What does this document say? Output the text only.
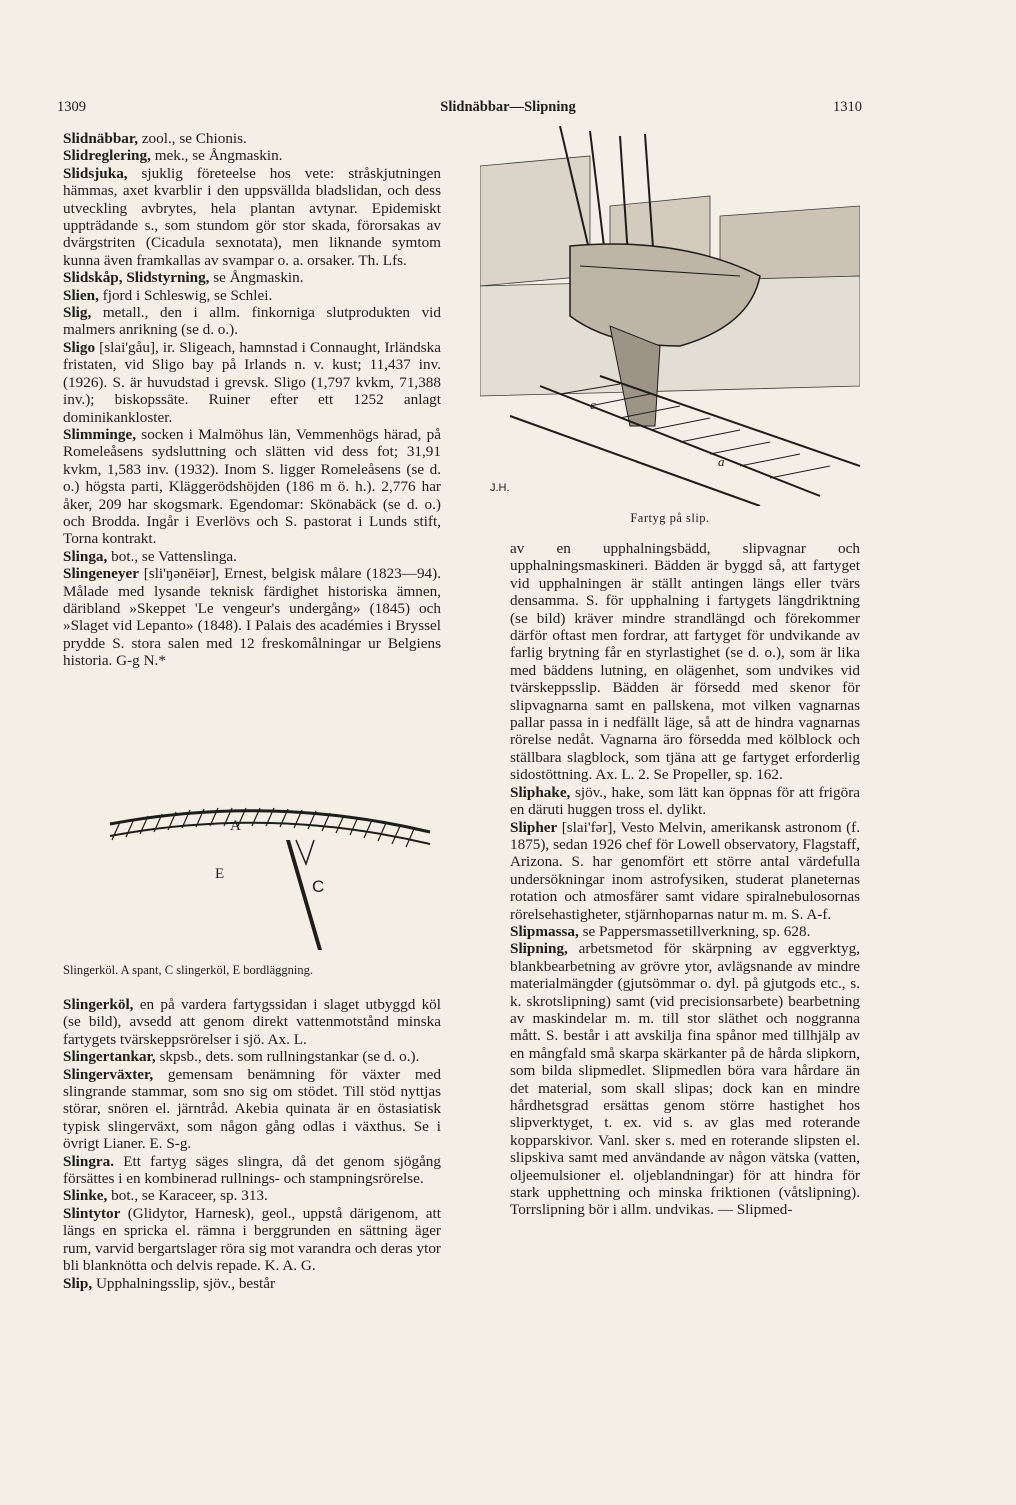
1309	Slidnäbbar—Slipning	1310

Slidnäbbar, zool., se Chionis.

Slidreglering, mek., se Ångmaskin.

Slidsjuka, sjuklig företeelse hos vete: stråskjutningen hämmas, axet kvarblir i den uppsvällda bladslidan, och dess utveckling avbrytes, hela plantan avtynar. Epidemiskt uppträdande s., som stundom gör stor skada, förorsakas av dvärgstriten (Cicadula sexnotata), men liknande symtom kunna även framkallas av svampar o. a. orsaker. Th. Lfs.

Slidskåp, Slidstyrning, se Ångmaskin.

Slien, fjord i Schleswig, se Schlei.

Slig, metall., den i allm. finkorniga slutprodukten vid malmers anrikning (se d. o.).

Sligo [slai'gåu], ir. Sligeach, hamnstad i Connaught, Irländska fristaten, vid Sligo bay på Irlands n. v. kust; 11,437 inv. (1926). S. är huvudstad i grevsk. Sligo (1,797 kvkm, 71,388 inv.); biskopssäte. Ruiner efter ett 1252 anlagt dominikankloster.

Slimminge, socken i Malmöhus län, Vemmenhögs härad, på Romeleåsens sydsluttning och slätten vid dess fot; 31,91 kvkm, 1,583 inv. (1932). Inom S. ligger Romeleåsens (se d. o.) högsta parti, Kläggerödshöjden (186 m ö. h.). 2,776 har åker, 209 har skogsmark. Egendomar: Skönabäck (se d. o.) och Brodda. Ingår i Everlövs och S. pastorat i Lunds stift, Torna kontrakt.

Slinga, bot., se Vattenslinga.

Slingeneyer [sli'ŋənēiər], Ernest, belgisk målare (1823—94). Målade med lysande teknisk färdighet historiska ämnen, däribland »Skeppet 'Le vengeur's undergång» (1845) och »Slaget vid Lepanto» (1848). I Palais des académies i Bryssel prydde S. stora salen med 12 freskomålningar ur Belgiens historia. G-g N.*

A
E
C
Slingerköl. A spant, C slingerköl, E bordläggning.

Slingerköl, en på vardera fartygssidan i slaget utbyggd köl (se bild), avsedd att genom direkt vattenmotstånd minska fartygets tvärskeppsrörelser i sjö. Ax. L.

Slingertankar, skpsb., dets. som rullningstankar (se d. o.).

Slingerväxter, gemensam benämning för växter med slingrande stammar, som sno sig om stödet. Till stöd nyttjas störar, snören el. järntråd. Akebia quinata är en östasiatisk typisk slingerväxt, som någon gång odlas i växthus. Se i övrigt Lianer. E. S-g.

Slingra. Ett fartyg säges slingra, då det genom sjögång försättes i en kombinerad rullnings- och stampningsrörelse.

Slinke, bot., se Karaceer, sp. 313.

Slintytor (Glidytor, Harnesk), geol., uppstå därigenom, att längs en spricka el. rämna i berggrunden en sättning äger rum, varvid bergartslager röra sig mot varandra och deras ytor bli blanknötta och delvis repade. K. A. G.

Slip, Upphalningsslip, sjöv., består

c
a
J.H.
Fartyg på slip.

av en upphalningsbädd, slipvagnar och upphalningsmaskineri. Bädden är byggd så, att fartyget vid upphalningen är ställt antingen längs eller tvärs densamma. S. för upphalning i fartygets längdriktning (se bild) kräver mindre strandlängd och förekommer därför oftast men fordrar, att fartyget för undvikande av farlig brytning får en styrlastighet (se d. o.), som är lika med bäddens lutning, en olägenhet, som undvikes vid tvärskeppsslip. Bädden är försedd med skenor för slipvagnarna samt en pallskena, mot vilken vagnarnas pallar passa in i nedfällt läge, så att de hindra vagnarnas rörelse nedåt. Vagnarna äro försedda med kölblock och ställbara slagblock, som tjäna att ge fartyget erforderlig sidostöttning. Ax. L. 2. Se Propeller, sp. 162.

Sliphake, sjöv., hake, som lätt kan öppnas för att frigöra en däruti huggen tross el. dylikt.

Slipher [slai'fər], Vesto Melvin, amerikansk astronom (f. 1875), sedan 1926 chef för Lowell observatory, Flagstaff, Arizona. S. har genomfört ett större antal värdefulla undersökningar inom astrofysiken, studerat planeternas rotation och atmosfärer samt vidare spiralnebulosornas rörelsehastigheter, stjärnhoparnas natur m. m. S. A-f.

Slipmassa, se Pappersmassetillverkning, sp. 628.

Slipning, arbetsmetod för skärpning av eggverktyg, blankbearbetning av grövre ytor, avlägsnande av mindre materialmängder (gjutsömmar o. dyl. på gjutgods etc., s. k. skrotslipning) samt (vid precisionsarbete) bearbetning av maskindelar m. m. till stor släthet och noggranna mått. S. består i att avskilja fina spånor med tillhjälp av en mångfald små skarpa skärkanter på de hårda slipkorn, som bilda slipmedlet. Slipmedlen böra vara hårdare än det material, som skall slipas; dock kan en mindre hårdhetsgrad ersättas genom större hastighet hos slipverktyget, t. ex. vid s. av glas med roterande kopparskivor. Vanl. sker s. med en roterande slipsten el. slipskiva samt med användande av någon vätska (vatten, oljeemulsioner el. oljeblandningar) för att hindra för stark upphettning och minska friktionen (våtslipning). Torrslipning bör i allm. undvikas. — Slipmed-
